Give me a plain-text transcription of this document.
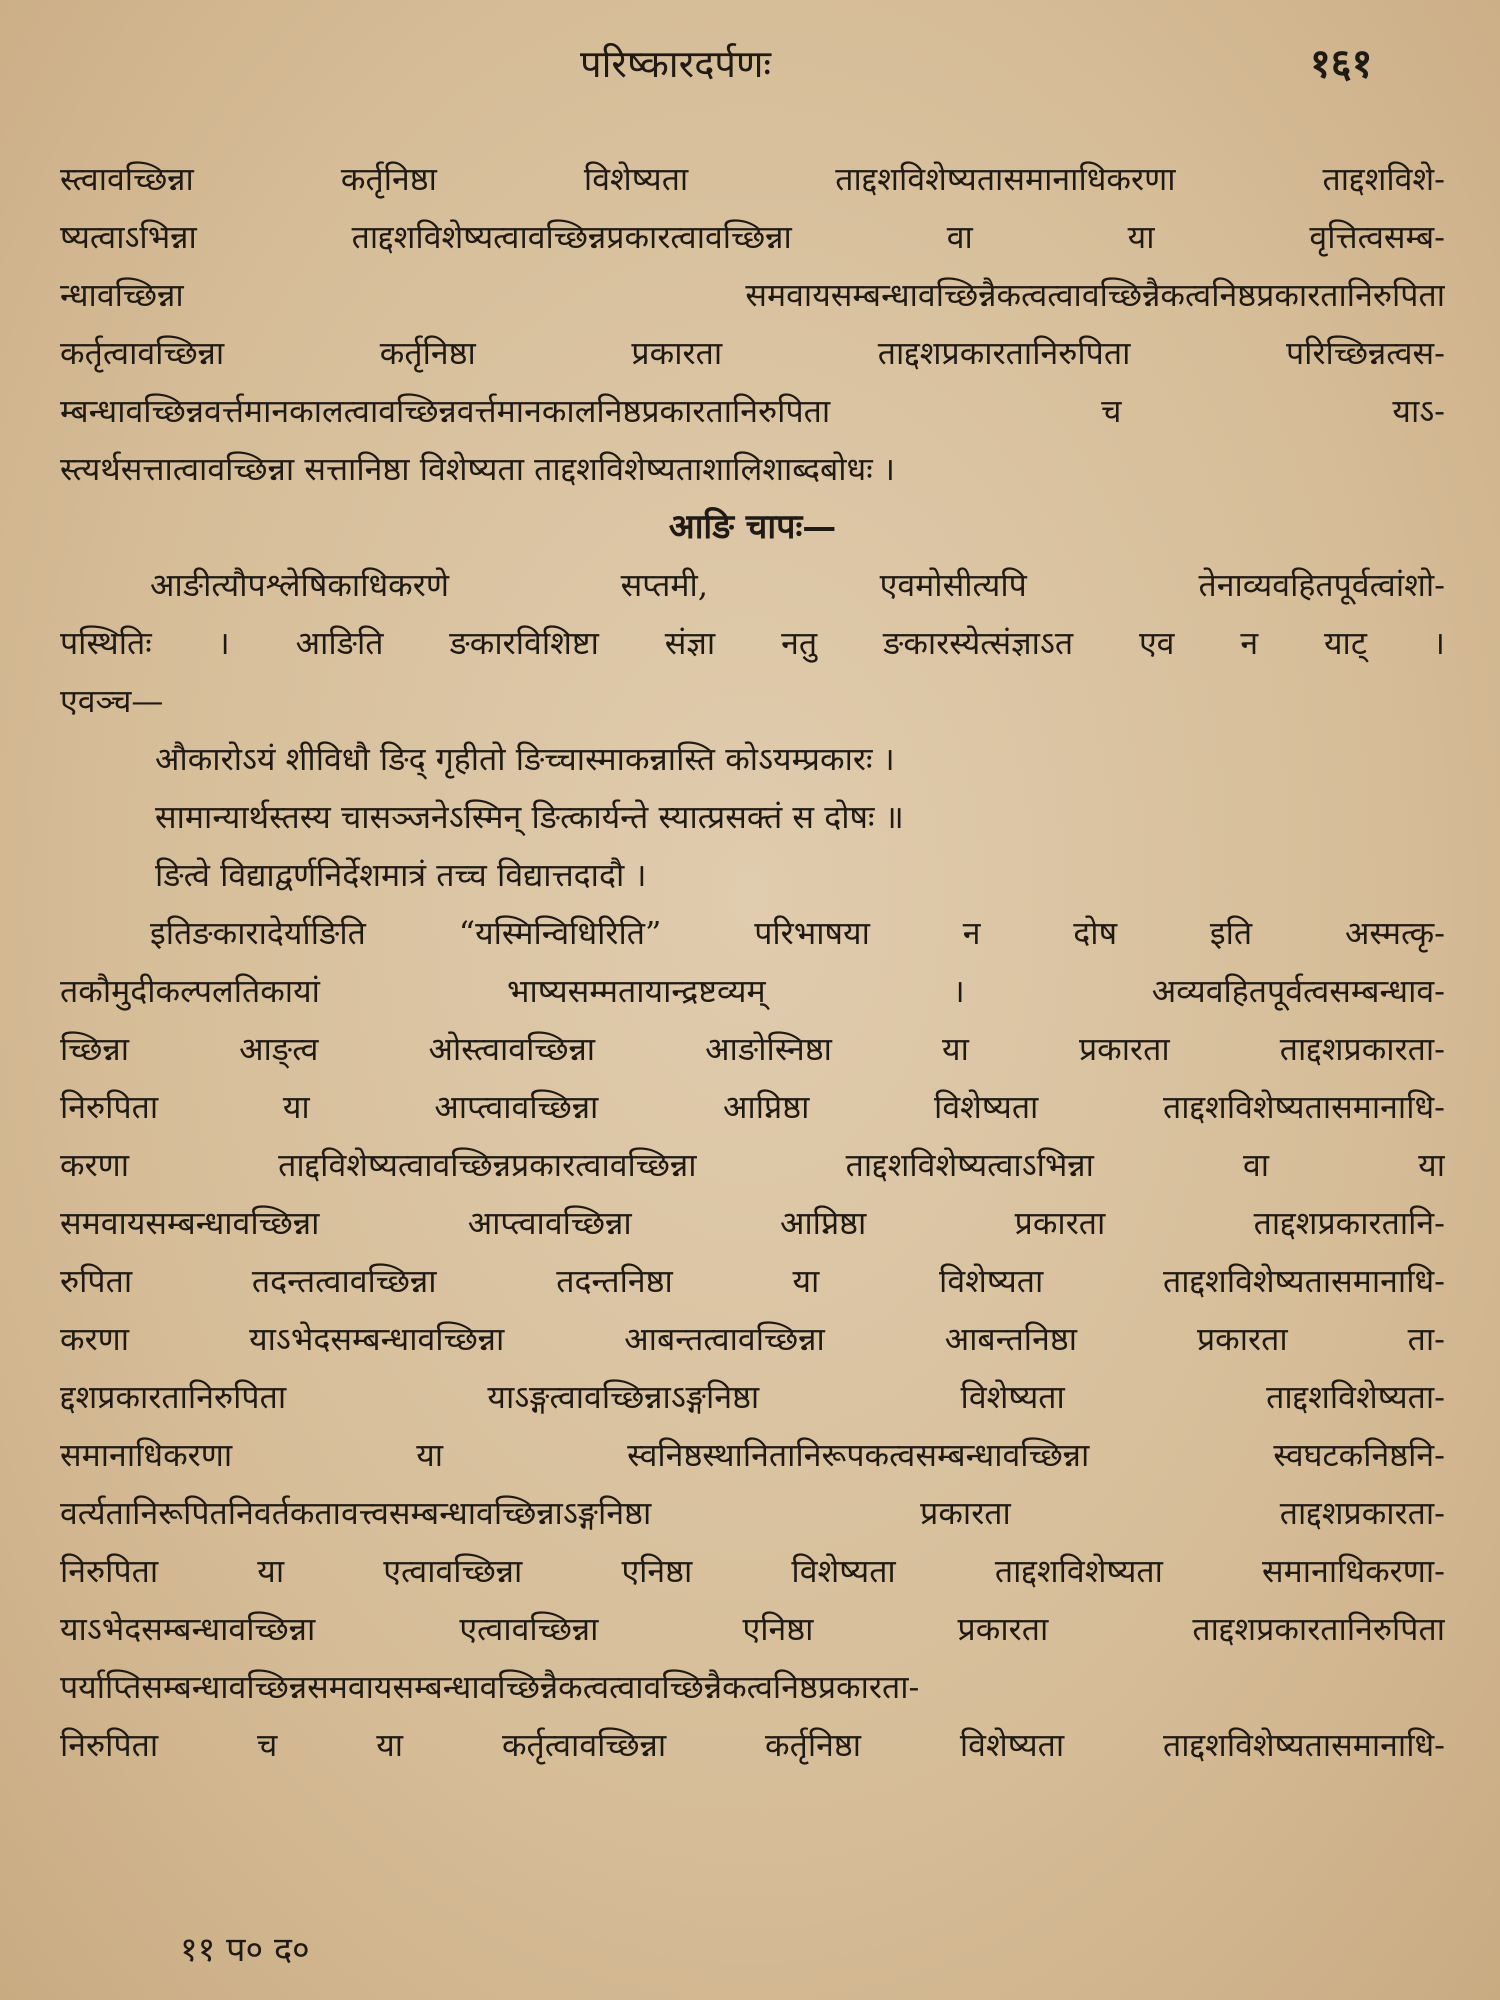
परिष्कारदर्पणः	१६१
स्त्वावच्छिन्ना कर्तृनिष्ठा विशेष्यता ताद्दशविशेष्यतासमानाधिकरणा ताद्दशविशे-
ष्यत्वाऽभिन्ना ताद्दशविशेष्यत्वावच्छिन्नप्रकारत्वावच्छिन्ना वा या वृत्तित्वसम्ब-
न्धावच्छिन्ना समवायसम्बन्धावच्छिन्नैकत्वत्वावच्छिन्नैकत्वनिष्ठप्रकारतानिरुपिता
कर्तृत्वावच्छिन्ना कर्तृनिष्ठा प्रकारता ताद्दशप्रकारतानिरुपिता परिच्छिन्नत्वस-
म्बन्धावच्छिन्नवर्त्तमानकालत्वावच्छिन्नवर्त्तमानकालनिष्ठप्रकारतानिरुपिता च याऽ-
स्त्यर्थसत्तात्वावच्छिन्ना सत्तानिष्ठा विशेष्यता ताद्दशविशेष्यताशालिशाब्दबोधः ।
आङि चापः—
आङीत्यौपश्लेषिकाधिकरणे सप्तमी, एवमोसीत्यपि तेनाव्यवहितपूर्वत्वांशो-
पस्थितिः । आङिति ङकारविशिष्टा संज्ञा नतु ङकारस्येत्संज्ञाऽत एव न याट् ।
एवञ्च—
औकारोऽयं शीविधौ ङिद् गृहीतो ङिच्चास्माकन्नास्ति कोऽयम्प्रकारः ।
सामान्यार्थस्तस्य चासञ्जनेऽस्मिन् ङित्कार्यन्ते स्यात्प्रसक्तं स दोषः ॥
ङित्वे विद्याद्वर्णनिर्देशमात्रं तच्च विद्यात्तदादौ ।
इतिङकारादेर्याङिति “यस्मिन्विधिरिति” परिभाषया न दोष इति अस्मत्कृ-
तकौमुदीकल्पलतिकायां भाष्यसम्मतायान्द्रष्टव्यम् । अव्यवहितपूर्वत्वसम्बन्धाव-
च्छिन्ना आङ्त्व ओस्त्वावच्छिन्ना आङोस्निष्ठा या प्रकारता ताद्दशप्रकारता-
निरुपिता या आप्त्वावच्छिन्ना आप्निष्ठा विशेष्यता ताद्दशविशेष्यतासमानाधि-
करणा ताद्दविशेष्यत्वावच्छिन्नप्रकारत्वावच्छिन्ना ताद्दशविशेष्यत्वाऽभिन्ना वा या
समवायसम्बन्धावच्छिन्ना आप्त्वावच्छिन्ना आप्निष्ठा प्रकारता ताद्दशप्रकारतानि-
रुपिता तदन्तत्वावच्छिन्ना तदन्तनिष्ठा या विशेष्यता ताद्दशविशेष्यतासमानाधि-
करणा याऽभेदसम्बन्धावच्छिन्ना आबन्तत्वावच्छिन्ना आबन्तनिष्ठा प्रकारता ता-
द्दशप्रकारतानिरुपिता याऽङ्गत्वावच्छिन्नाऽङ्गनिष्ठा विशेष्यता ताद्दशविशेष्यता-
समानाधिकरणा या स्वनिष्ठस्थानितानिरूपकत्वसम्बन्धावच्छिन्ना स्वघटकनिष्ठनि-
वर्त्यतानिरूपितनिवर्तकतावत्त्वसम्बन्धावच्छिन्नाऽङ्गनिष्ठा प्रकारता ताद्दशप्रकारता-
निरुपिता या एत्वावच्छिन्ना एनिष्ठा विशेष्यता ताद्दशविशेष्यता समानाधिकरणा-
याऽभेदसम्बन्धावच्छिन्ना एत्वावच्छिन्ना एनिष्ठा प्रकारता ताद्दशप्रकारतानिरुपिता
पर्याप्तिसम्बन्धावच्छिन्नसमवायसम्बन्धावच्छिन्नैकत्वत्वावच्छिन्नैकत्वनिष्ठप्रकारता-
निरुपिता च या कर्तृत्वावच्छिन्ना कर्तृनिष्ठा विशेष्यता ताद्दशविशेष्यतासमानाधि-
११ प० द०
